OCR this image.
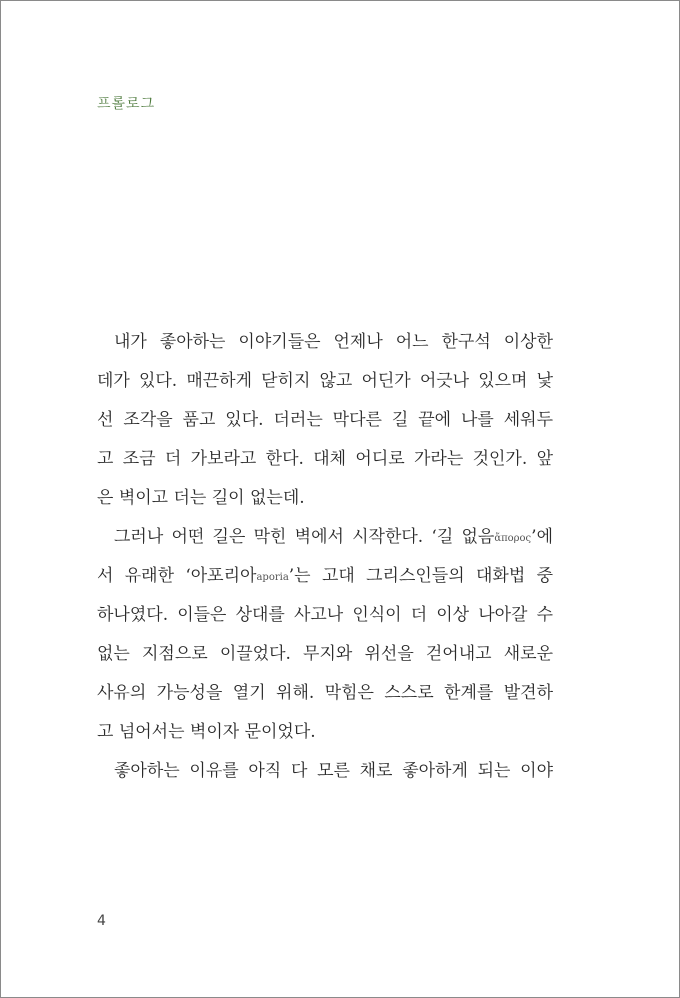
프롤로그

내가 좋아하는 이야기들은 언제나 어느 한구석 이상한
데가 있다. 매끈하게 닫히지 않고 어딘가 어긋나 있으며 낯
선 조각을 품고 있다. 더러는 막다른 길 끝에 나를 세워두
고 조금 더 가보라고 한다. 대체 어디로 가라는 것인가. 앞
은 벽이고 더는 길이 없는데.

그러나 어떤 길은 막힌 벽에서 시작한다. ‘길 없음ἄπορος’에
서 유래한 ‘아포리아aporia’는 고대 그리스인들의 대화법 중
하나였다. 이들은 상대를 사고나 인식이 더 이상 나아갈 수
없는 지점으로 이끌었다. 무지와 위선을 걷어내고 새로운
사유의 가능성을 열기 위해. 막힘은 스스로 한계를 발견하
고 넘어서는 벽이자 문이었다.

좋아하는 이유를 아직 다 모른 채로 좋아하게 되는 이야

4
